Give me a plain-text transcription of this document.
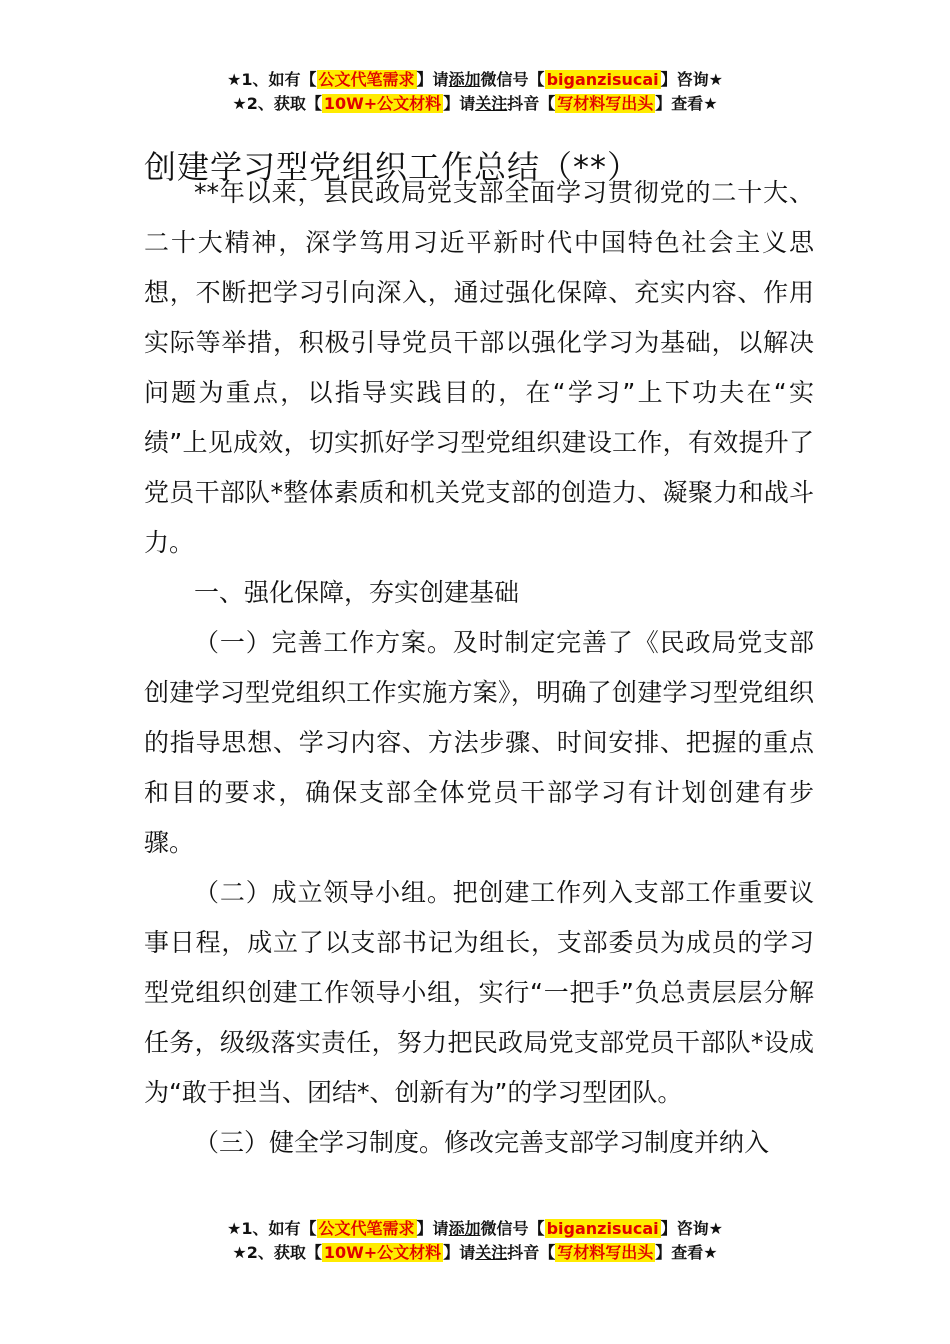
★1、如有【 公文代笔需求 】请添加微信号【 biganzisucai 】咨询★
★2、获取【 10W+公文材料 】请关注抖音【 写材料写出头 】查看★
创建学习型党组织工作总结（**）

**年以来，县民政局党支部全面学习贯彻党的二十大、二十大精神，深学笃用习近平新时代中国特色社会主义思想，不断把学习引向深入，通过强化保障、充实内容、作用实际等举措，积极引导党员干部以强化学习为基础，以解决问题为重点，以指导实践目的，在“学习”上下功夫在“实绩”上见成效，切实抓好学习型党组织建设工作，有效提升了党员干部队*整体素质和机关党支部的创造力、凝聚力和战斗力。

一、强化保障，夯实创建基础

（一）完善工作方案。及时制定完善了《民政局党支部创建学习型党组织工作实施方案》，明确了创建学习型党组织的指导思想、学习内容、方法步骤、时间安排、把握的重点和目的要求，确保支部全体党员干部学习有计划创建有步骤。

（二）成立领导小组。把创建工作列入支部工作重要议事日程，成立了以支部书记为组长，支部委员为成员的学习型党组织创建工作领导小组，实行“一把手”负总责层层分解任务，级级落实责任，努力把民政局党支部党员干部队*设成为“敢于担当、团结*、创新有为”的学习型团队。

（三）健全学习制度。修改完善支部学习制度并纳入

★1、如有【 公文代笔需求 】请添加微信号【 biganzisucai 】咨询★
★2、获取【 10W+公文材料 】请关注抖音【 写材料写出头 】查看★
